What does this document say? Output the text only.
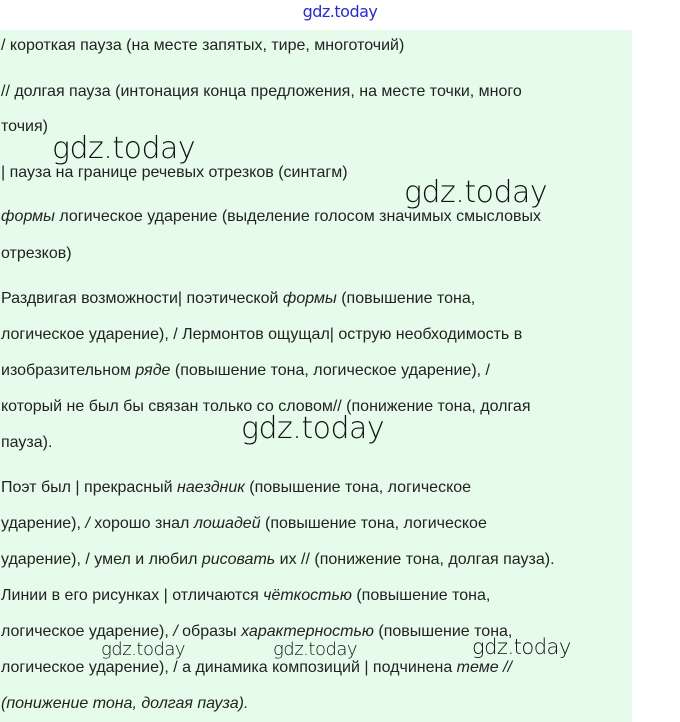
gdz.today
/ короткая пауза (на месте запятых, тире, многоточий)
// долгая пауза (интонация конца предложения, на месте точки, много
точия)
| пауза на границе речевых отрезков (синтагм)
формы логическое ударение (выделение голосом значимых смысловых
отрезков)
Раздвигая возможности| поэтической формы (повышение тона,
логическое ударение), / Лермонтов ощущал| острую необходимость в
изобразительном ряде (повышение тона, логическое ударение), /
который не был бы связан только со словом// (понижение тона, долгая
пауза).
Поэт был | прекрасный наездник (повышение тона, логическое
ударение), / хорошо знал лошадей (повышение тона, логическое
ударение), / умел и любил рисовать их // (понижение тона, долгая пауза).
Линии в его рисунках | отличаются чёткостью (повышение тона,
логическое ударение), / образы характерностью (повышение тона,
логическое ударение), / а динамика композиций | подчинена теме //
(понижение тона, долгая пауза).
gdz.today
gdz.today
gdz.today
gdz.today	gdz.today	gdz.today
